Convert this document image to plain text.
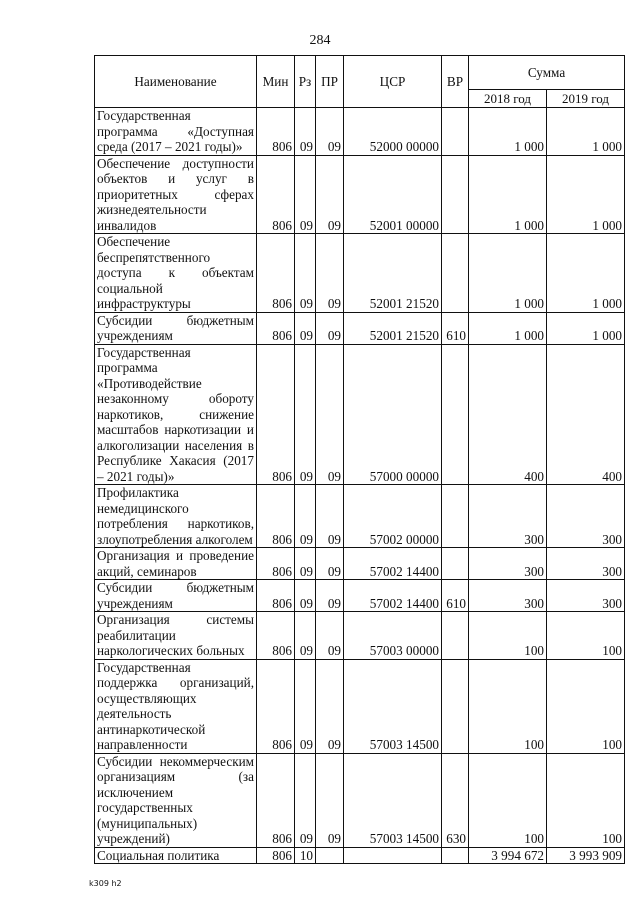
284
Наименование	Мин	Рз	ПР	ЦСР	ВР	Сумма	
						2018 год	2019 год
Государственная программа «Доступная среда (2017 – 2021 годы)»	806	09	09	52000 00000		1 000	1 000
Обеспечение доступности объектов и услуг в приоритетных сферах жизнедеятельности инвалидов	806	09	09	52001 00000		1 000	1 000
Обеспечение беспрепятственного доступа к объектам социальной инфраструктуры	806	09	09	52001 21520		1 000	1 000
Субсидии бюджетным учреждениям	806	09	09	52001 21520	610	1 000	1 000
Государственная программа «Противодействие незаконному обороту наркотиков, снижение масштабов наркотизации и алкоголизации населения в Республике Хакасия (2017 – 2021 годы)»	806	09	09	57000 00000		400	400
Профилактика немедицинского потребления наркотиков, злоупотребления алкоголем	806	09	09	57002 00000		300	300
Организация и проведение акций, семинаров	806	09	09	57002 14400		300	300
Субсидии бюджетным учреждениям	806	09	09	57002 14400	610	300	300
Организация системы реабилитации наркологических больных	806	09	09	57003 00000		100	100
Государственная поддержка организаций, осуществляющих деятельность антинаркотической направленности	806	09	09	57003 14500		100	100
Субсидии некоммерческим организациям (за исключением государственных (муниципальных) учреждений)	806	09	09	57003 14500	630	100	100
Социальная политика	806	10				3 994 672	3 993 909
k309 h2
